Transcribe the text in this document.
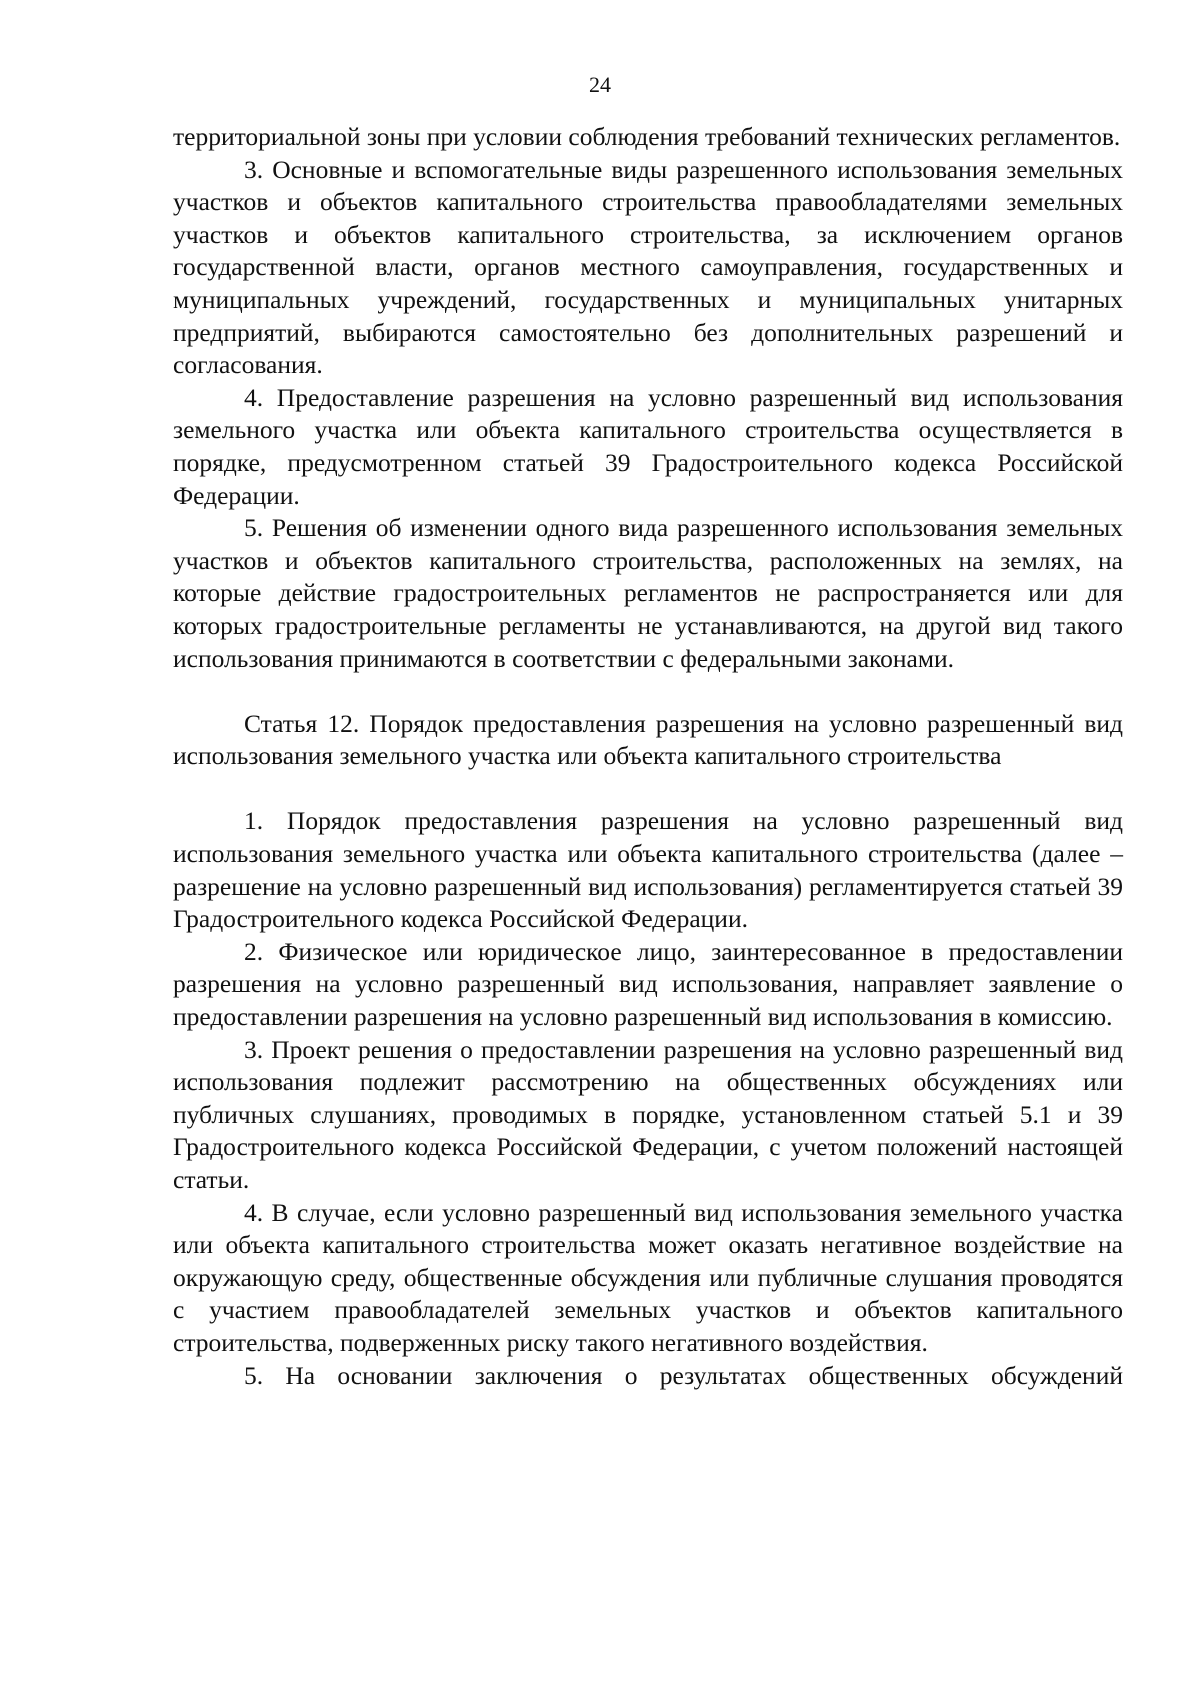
24

территориальной зоны при условии соблюдения требований технических регламентов.

3. Основные и вспомогательные виды разрешенного использования земельных участков и объектов капитального строительства правообладателями земельных участков и объектов капитального строительства, за исключением органов государственной власти, органов местного самоуправления, государственных и муниципальных учреждений, государственных и муниципальных унитарных предприятий, выбираются самостоятельно без дополнительных разрешений и согласования.

4. Предоставление разрешения на условно разрешенный вид использования земельного участка или объекта капитального строительства осуществляется в порядке, предусмотренном статьей 39 Градостроительного кодекса Российской Федерации.

5. Решения об изменении одного вида разрешенного использования земельных участков и объектов капитального строительства, расположенных на землях, на которые действие градостроительных регламентов не распространяется или для которых градостроительные регламенты не устанавливаются, на другой вид такого использования принимаются в соответствии с федеральными законами.

Статья 12. Порядок предоставления разрешения на условно разрешенный вид использования земельного участка или объекта капитального строительства

1. Порядок предоставления разрешения на условно разрешенный вид использования земельного участка или объекта капитального строительства (далее – разрешение на условно разрешенный вид использования) регламентируется статьей 39 Градостроительного кодекса Российской Федерации.

2. Физическое или юридическое лицо, заинтересованное в предоставлении разрешения на условно разрешенный вид использования, направляет заявление о предоставлении разрешения на условно разрешенный вид использования в комиссию.

3. Проект решения о предоставлении разрешения на условно разрешенный вид использования подлежит рассмотрению на общественных обсуждениях или публичных слушаниях, проводимых в порядке, установленном статьей 5.1 и 39 Градостроительного кодекса Российской Федерации, с учетом положений настоящей статьи.

4. В случае, если условно разрешенный вид использования земельного участка или объекта капитального строительства может оказать негативное воздействие на окружающую среду, общественные обсуждения или публичные слушания проводятся с участием правообладателей земельных участков и объектов капитального строительства, подверженных риску такого негативного воздействия.

5. На основании заключения о результатах общественных обсуждений
